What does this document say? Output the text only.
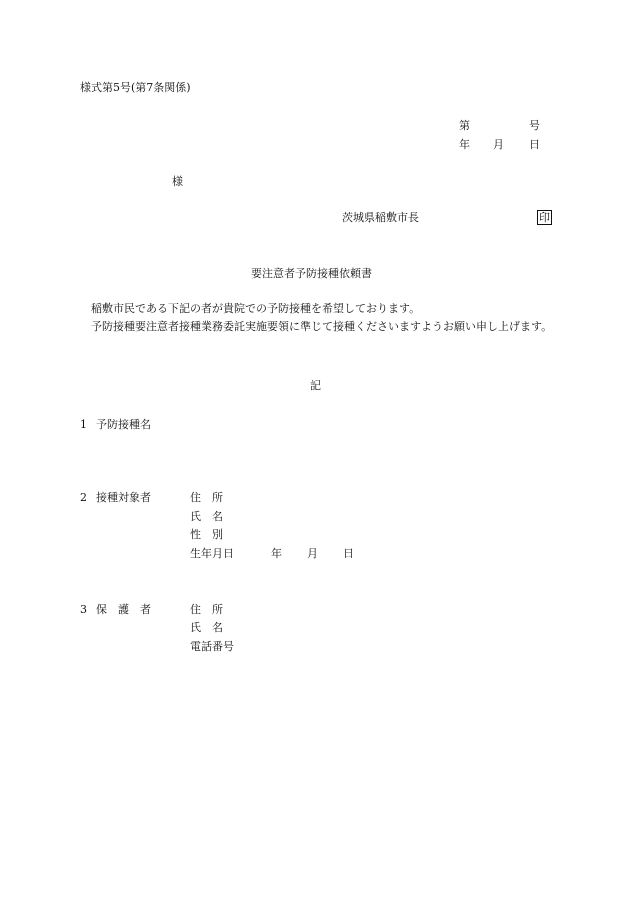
様式第5号(第7条関係)
第	号
年 月 日
様
茨城県稲敷市長	印
要注意者予防接種依頼書

稲敷市民である下記の者が貴院での予防接種を希望しております。

予防接種要注意者接種業務委託実施要領に準じて接種くださいますようお願い申し上げます。

記
1 予防接種名
2 接種対象者	住　所
氏　名
性　別
生年月日	年 月 日
3 保　護　者	住　所
氏　名
電話番号
